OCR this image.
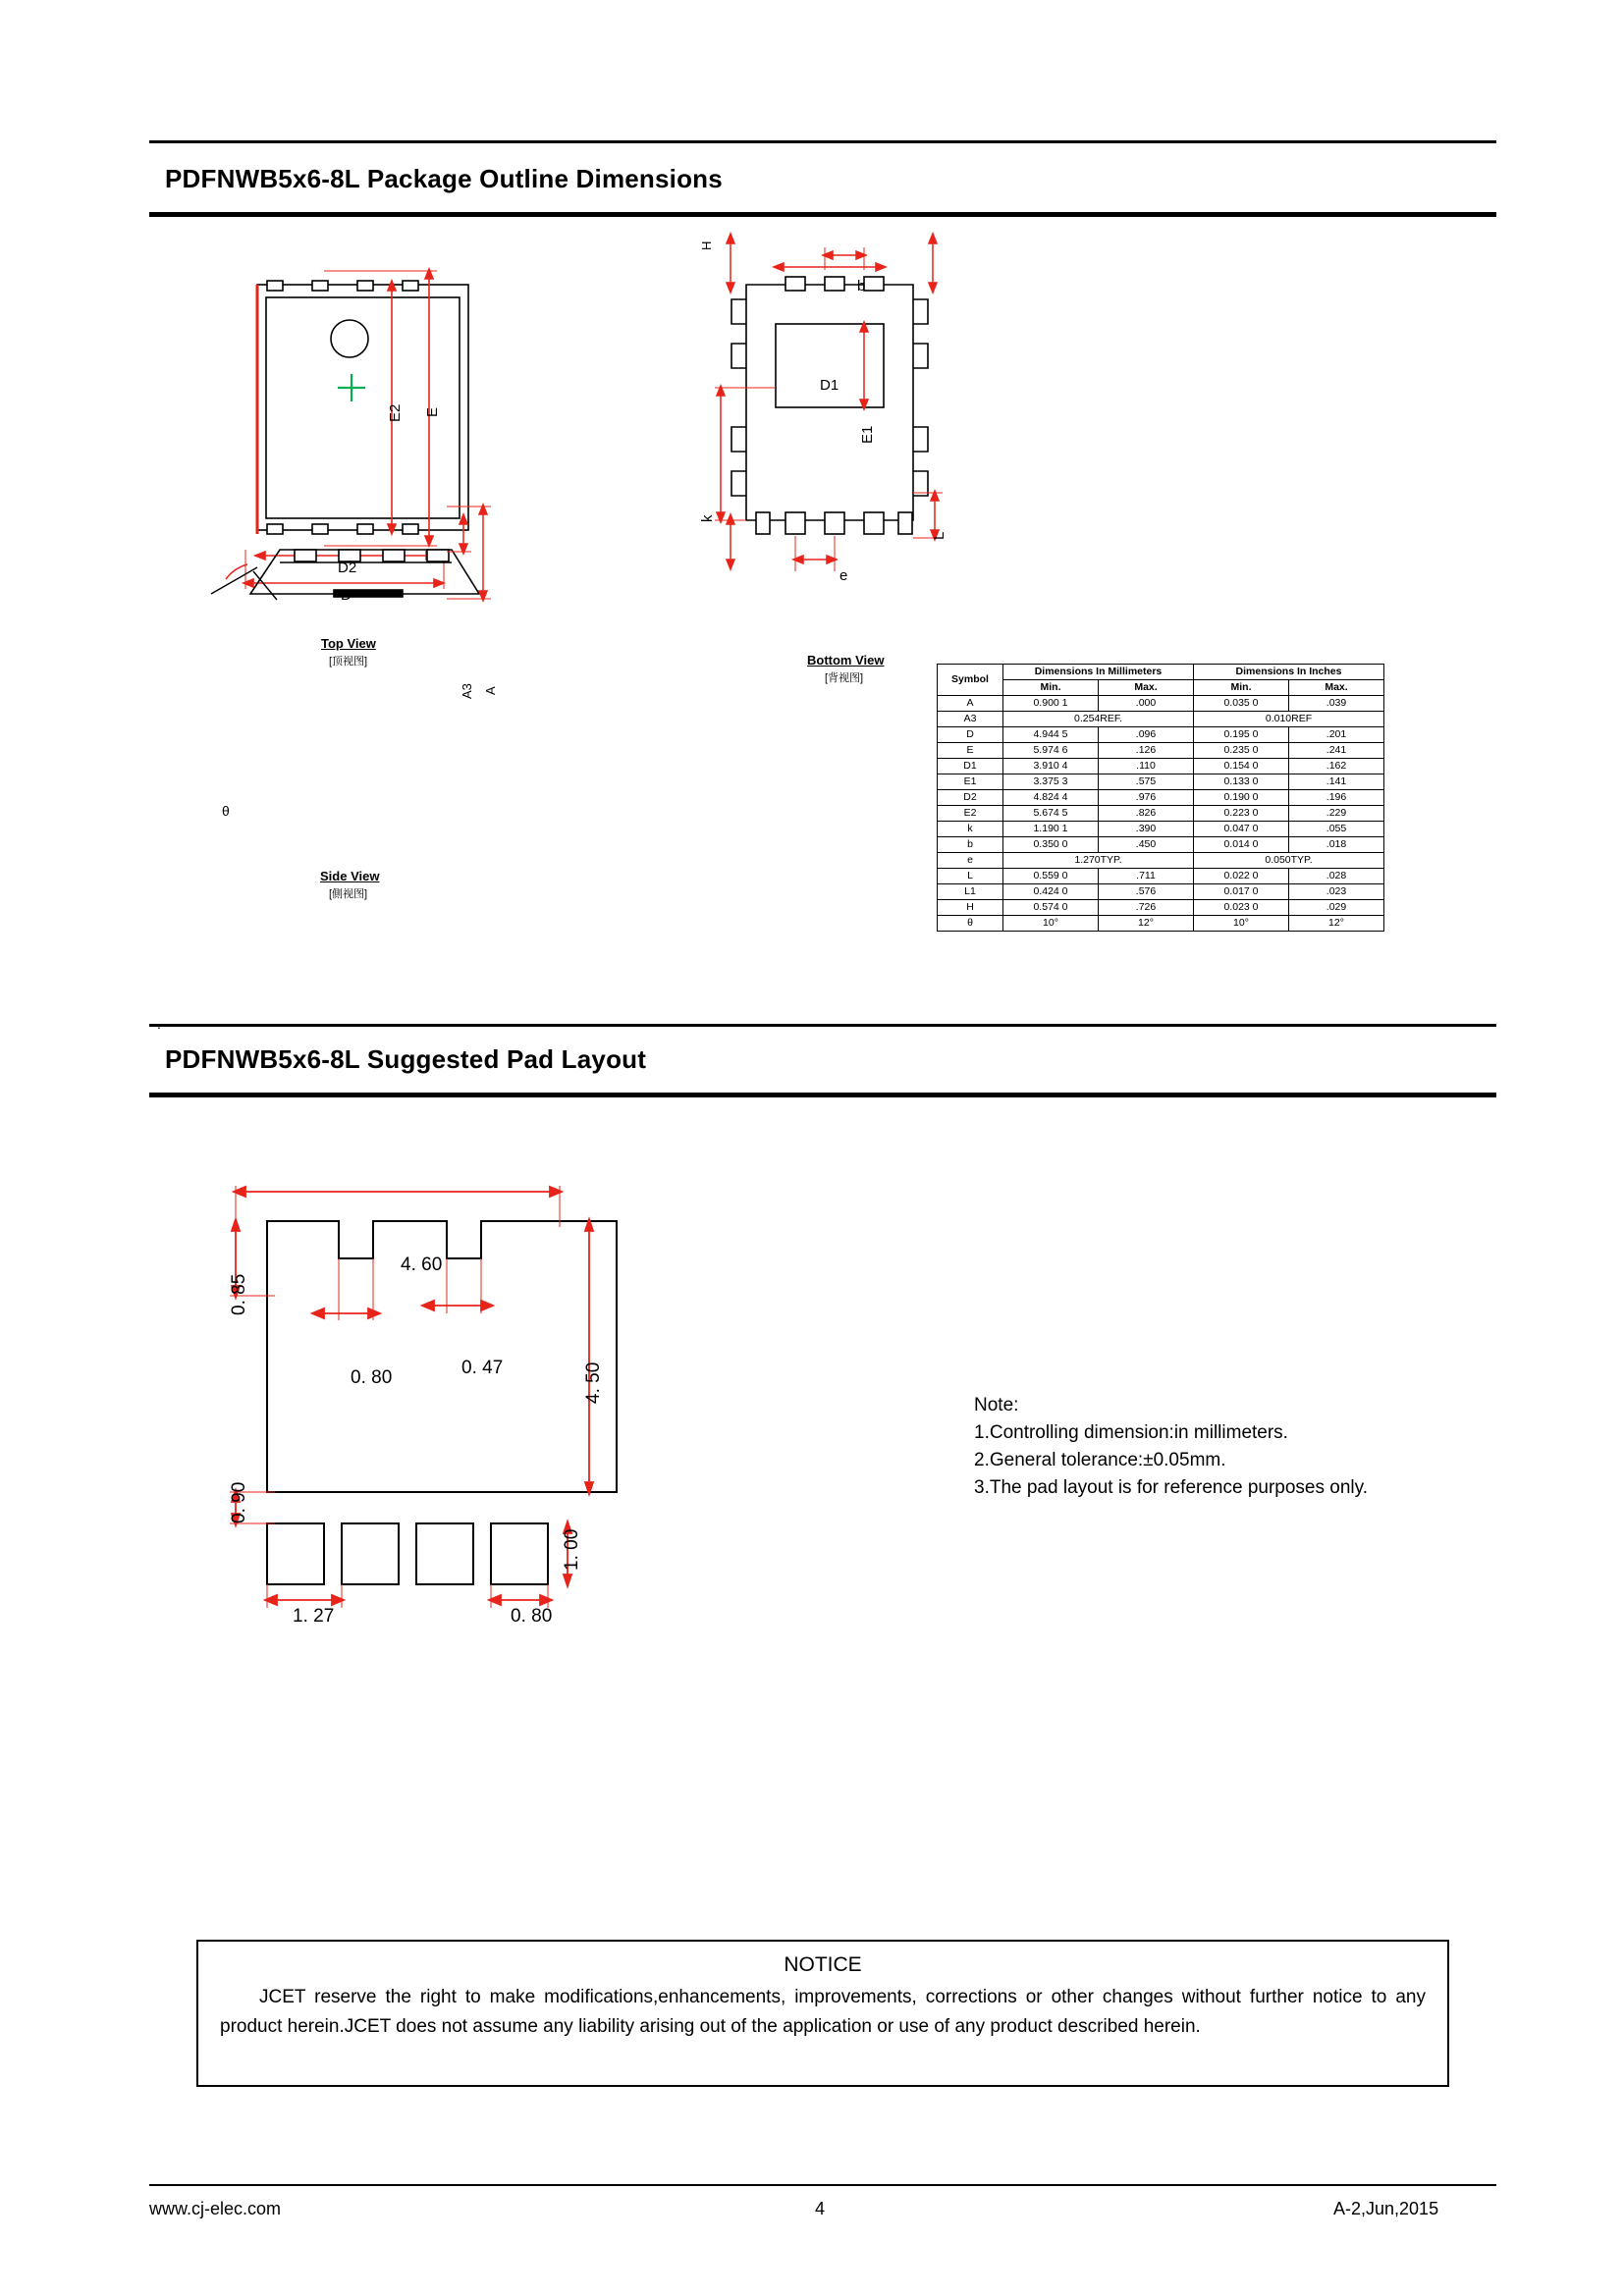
PDFNWB5x6-8L Package Outline Dimensions
E2 E
D2
D
Top View
[顶视图]
b
H
D1
E1
k
L
e
Bottom View
[背视图]
A3 A
θ
Side View
[側视图]
Symbol	Dimensions In Millimeters		Dimensions In Inches	
	Min.	Max.	Min.	Max.
A	0.900 1	.000	0.035 0	.039
A3	0.254REF.		0.010REF	
D	4.944 5	.096	0.195 0	.201
E	5.974 6	.126	0.235 0	.241
D1	3.910 4	.110	0.154 0	.162
E1	3.375 3	.575	0.133 0	.141
D2	4.824 4	.976	0.190 0	.196
E2	5.674 5	.826	0.223 0	.229
k	1.190 1	.390	0.047 0	.055
b	0.350 0	.450	0.014 0	.018
e	1.270TYP.		0.050TYP.	
L	0.559 0	.711	0.022 0	.028
L1	0.424 0	.576	0.017 0	.023
H	0.574 0	.726	0.023 0	.029
θ	10°	12°	10°	12°
PDFNWB5x6-8L Suggested Pad Layout
4. 60
0. 85
0. 80	0. 47	4. 50
0. 90
1. 27	0. 80
1. 00
Note:
1.Controlling dimension:in millimeters.
2.General tolerance:±0.05mm.
3.The pad layout is for reference purposes only.
NOTICE
JCET reserve the right to make modifications,enhancements, improvements, corrections or other changes without further notice to any product herein.JCET does not assume any liability arising out of the application or use of any product described herein.
www.cj-elec.com	4	A-2,Jun,2015
.
